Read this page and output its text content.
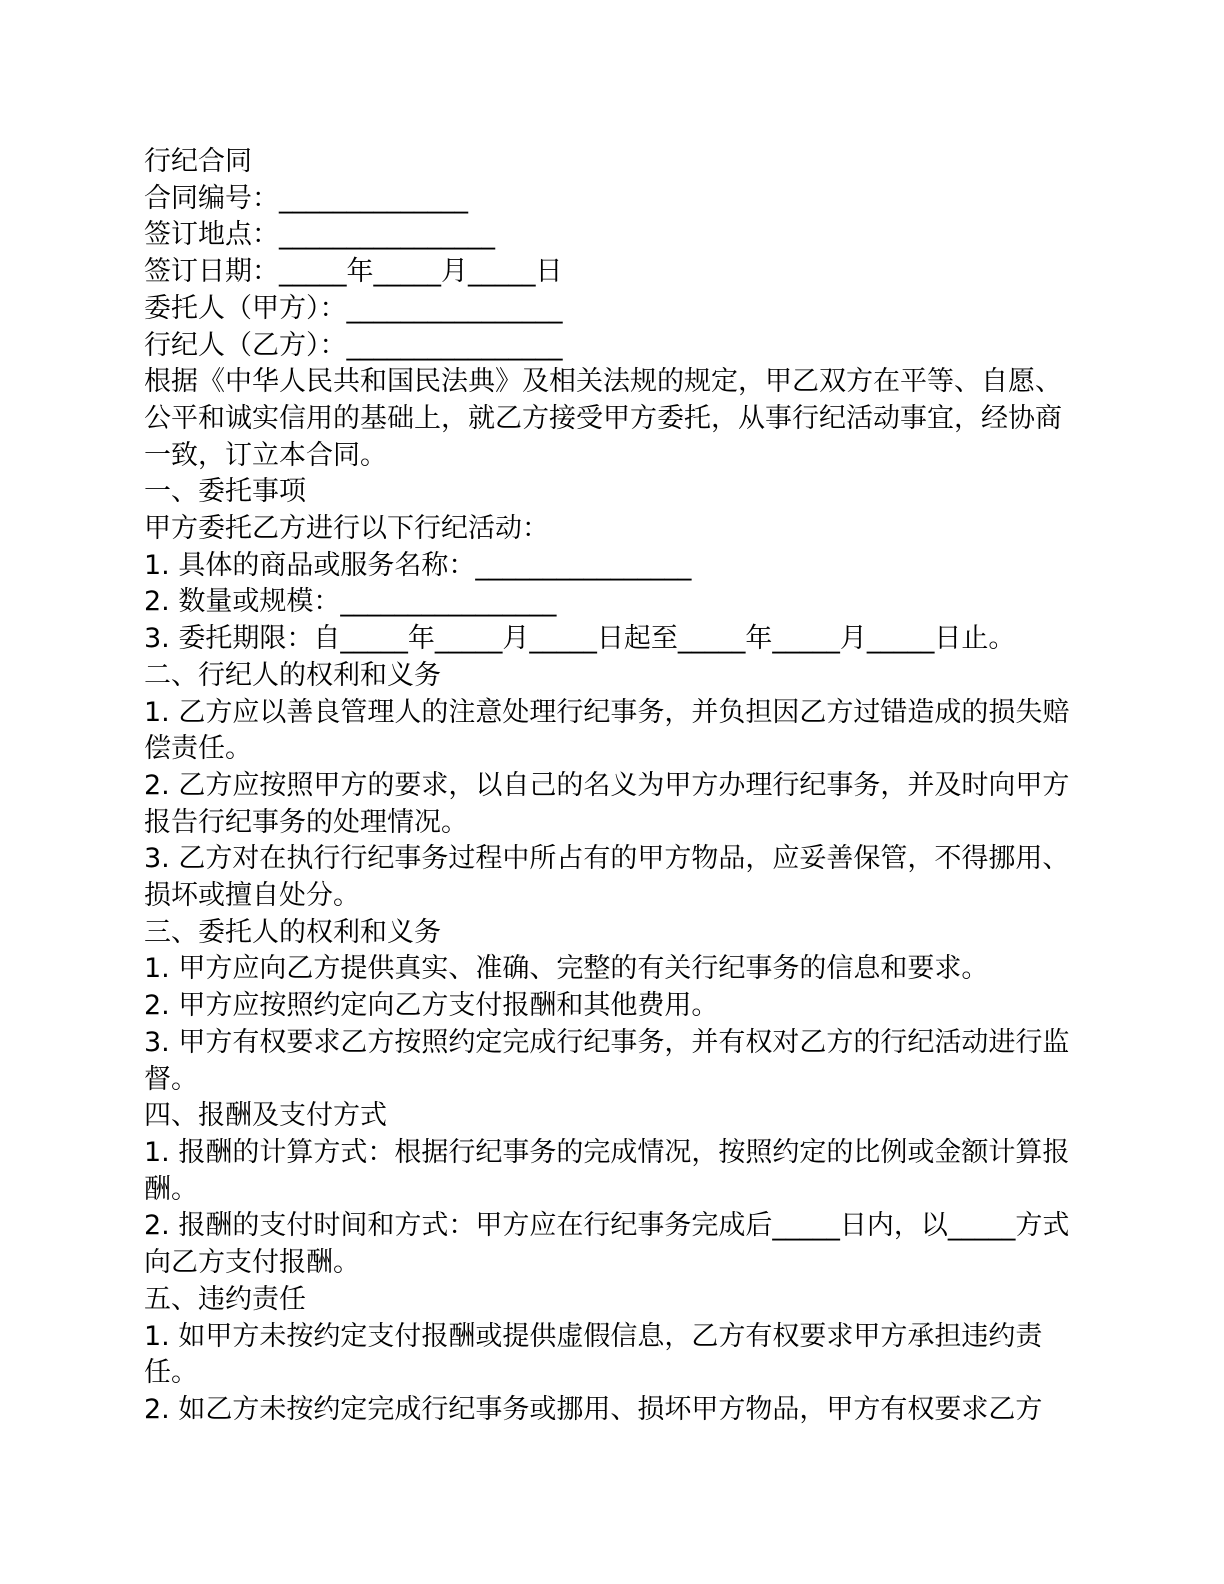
行纪合同

合同编号：______________

签订地点：________________

签订日期：_____年_____月_____日

委托人（甲方）：________________

行纪人（乙方）：________________

根据《中华人民共和国民法典》及相关法规的规定，甲乙双方在平等、自愿、公平和诚实信用的基础上，就乙方接受甲方委托，从事行纪活动事宜，经协商一致，订立本合同。

一、委托事项

甲方委托乙方进行以下行纪活动：

1. 具体的商品或服务名称：________________

2. 数量或规模：________________

3. 委托期限：自_____年_____月_____日起至_____年_____月_____日止。

二、行纪人的权利和义务

1. 乙方应以善良管理人的注意处理行纪事务，并负担因乙方过错造成的损失赔偿责任。

2. 乙方应按照甲方的要求，以自己的名义为甲方办理行纪事务，并及时向甲方报告行纪事务的处理情况。

3. 乙方对在执行行纪事务过程中所占有的甲方物品，应妥善保管，不得挪用、损坏或擅自处分。

三、委托人的权利和义务

1. 甲方应向乙方提供真实、准确、完整的有关行纪事务的信息和要求。

2. 甲方应按照约定向乙方支付报酬和其他费用。

3. 甲方有权要求乙方按照约定完成行纪事务，并有权对乙方的行纪活动进行监督。

四、报酬及支付方式

1. 报酬的计算方式：根据行纪事务的完成情况，按照约定的比例或金额计算报酬。

2. 报酬的支付时间和方式：甲方应在行纪事务完成后_____日内，以_____方式向乙方支付报酬。

五、违约责任

1. 如甲方未按约定支付报酬或提供虚假信息，乙方有权要求甲方承担违约责任。

2. 如乙方未按约定完成行纪事务或挪用、损坏甲方物品，甲方有权要求乙方
